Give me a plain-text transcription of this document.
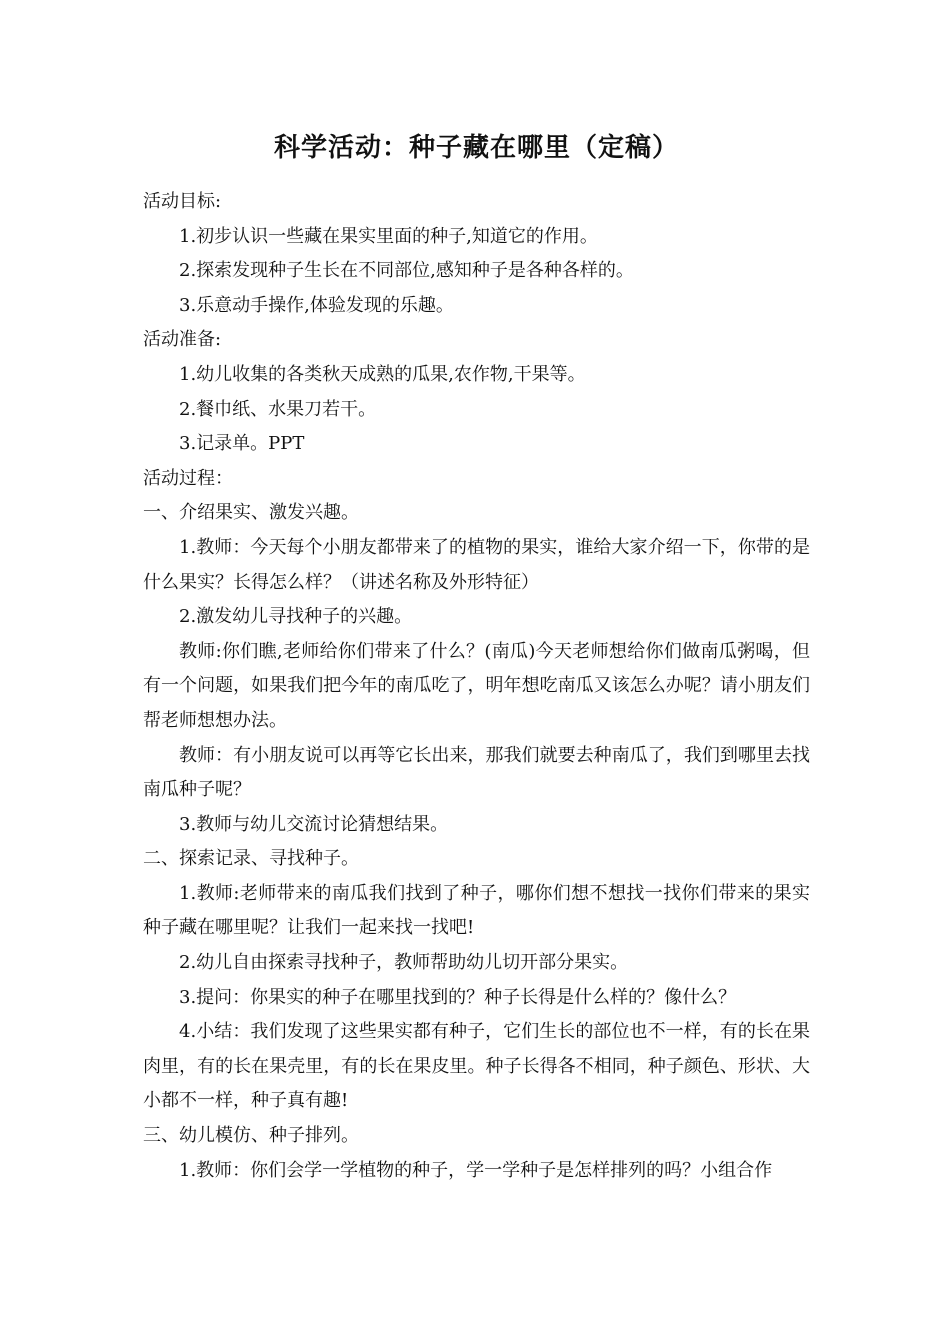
科学活动：种子藏在哪里（定稿）

活动目标:

1.初步认识一些藏在果实里面的种子,知道它的作用。

2.探索发现种子生长在不同部位,感知种子是各种各样的。

3.乐意动手操作,体验发现的乐趣。

活动准备:

1.幼儿收集的各类秋天成熟的瓜果,农作物,干果等。

2.餐巾纸、水果刀若干。

3.记录单。PPT

活动过程：

一、介绍果实、激发兴趣。

1.教师：今天每个小朋友都带来了的植物的果实，谁给大家介绍一下，你带的是什么果实？长得怎么样？（讲述名称及外形特征）

2.激发幼儿寻找种子的兴趣。

教师:你们瞧,老师给你们带来了什么？(南瓜)今天老师想给你们做南瓜粥喝，但有一个问题，如果我们把今年的南瓜吃了，明年想吃南瓜又该怎么办呢？请小朋友们帮老师想想办法。

教师：有小朋友说可以再等它长出来，那我们就要去种南瓜了，我们到哪里去找南瓜种子呢？

3.教师与幼儿交流讨论猜想结果。

二、探索记录、寻找种子。

1.教师:老师带来的南瓜我们找到了种子，哪你们想不想找一找你们带来的果实种子藏在哪里呢？让我们一起来找一找吧!

2.幼儿自由探索寻找种子，教师帮助幼儿切开部分果实。

3.提问：你果实的种子在哪里找到的？种子长得是什么样的？像什么？

4.小结：我们发现了这些果实都有种子，它们生长的部位也不一样，有的长在果肉里，有的长在果壳里，有的长在果皮里。种子长得各不相同，种子颜色、形状、大小都不一样，种子真有趣!

三、幼儿模仿、种子排列。

1.教师：你们会学一学植物的种子，学一学种子是怎样排列的吗？小组合作
